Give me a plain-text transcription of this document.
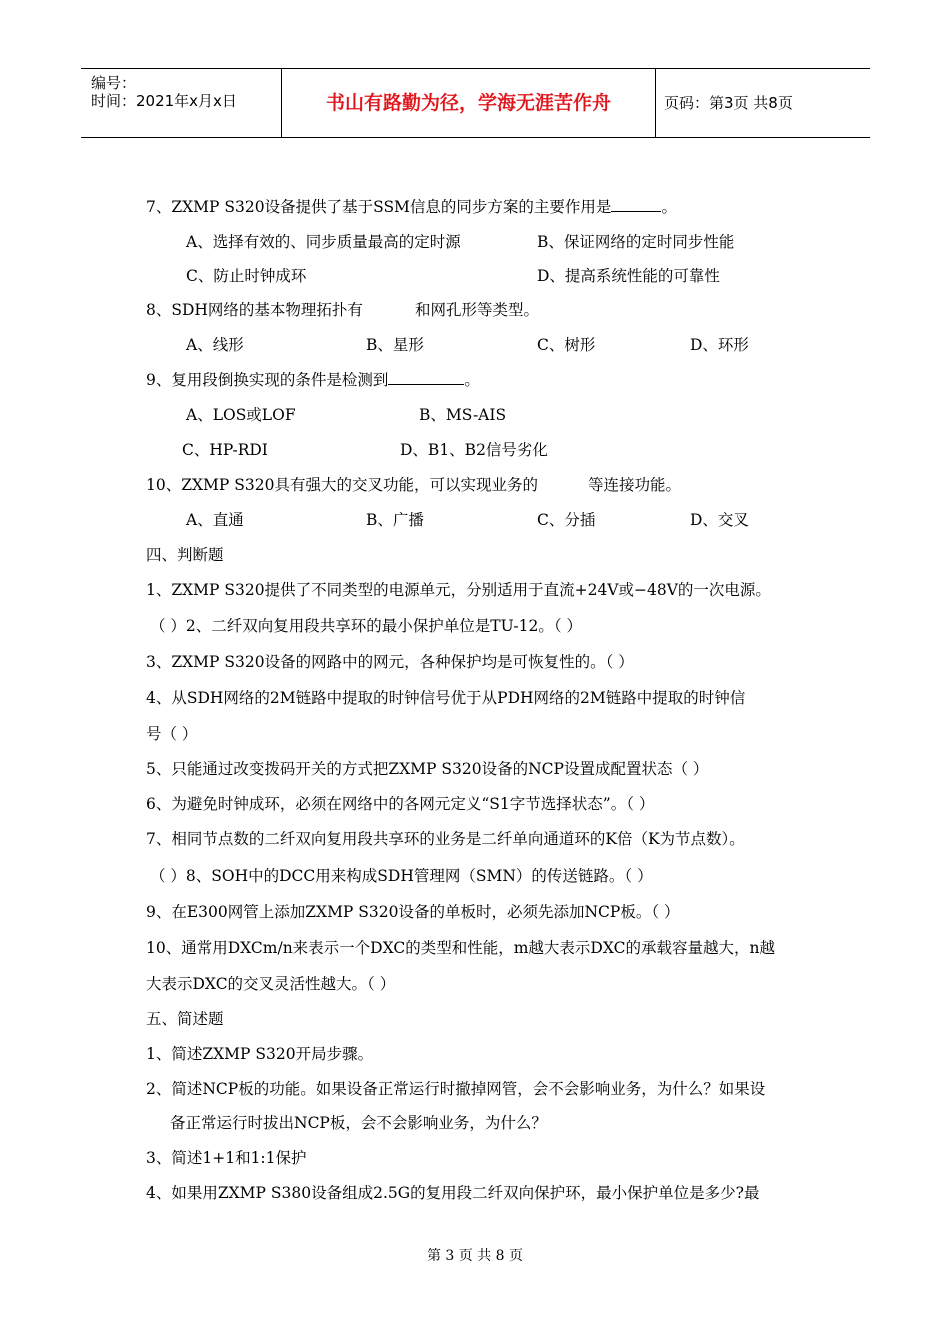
编号：
时间：2021年x月x日	书山有路勤为径，学海无涯苦作舟	页码：第3页 共8页
7、ZXMP S320设备提供了基于SSM信息的同步方案的主要作用是	。
A、选择有效的、同步质量最高的定时源	B、保证网络的定时同步性能
C、防止时钟成环	D、提高系统性能的可靠性
8、SDH网络的基本物理拓扑有	和网孔形等类型。
A、线形	B、星形	C、树形	D、环形
9、复用段倒换实现的条件是检测到	。
A、LOS或LOF	B、MS-AIS
C、HP-RDI	D、B1、B2信号劣化
10、ZXMP S320具有强大的交叉功能，可以实现业务的	等连接功能。
A、直通	B、广播	C、分插	D、交叉
四、判断题
1、ZXMP S320提供了不同类型的电源单元，分别适用于直流+24V或−48V的一次电源。
（ ）2、二纤双向复用段共享环的最小保护单位是TU-12。（ ）
3、ZXMP S320设备的网路中的网元，各种保护均是可恢复性的。（ ）
4、从SDH网络的2M链路中提取的时钟信号优于从PDH网络的2M链路中提取的时钟信
号（ ）
5、只能通过改变拨码开关的方式把ZXMP S320设备的NCP设置成配置状态（ ）
6、为避免时钟成环，必须在网络中的各网元定义“S1字节选择状态”。（ ）
7、相同节点数的二纤双向复用段共享环的业务是二纤单向通道环的K倍（K为节点数）。
（ ）8、SOH中的DCC用来构成SDH管理网（SMN）的传送链路。（ ）
9、在E300网管上添加ZXMP S320设备的单板时，必须先添加NCP板。（ ）
10、通常用DXCm/n来表示一个DXC的类型和性能，m越大表示DXC的承载容量越大，n越
大表示DXC的交叉灵活性越大。（ ）
五、简述题
1、简述ZXMP S320开局步骤。
2、简述NCP板的功能。如果设备正常运行时撤掉网管，会不会影响业务，为什么？如果设
备正常运行时拔出NCP板，会不会影响业务，为什么？
3、简述1+1和1:1保护
4、如果用ZXMP S380设备组成2.5G的复用段二纤双向保护环，最小保护单位是多少?最
第 3 页 共 8 页
